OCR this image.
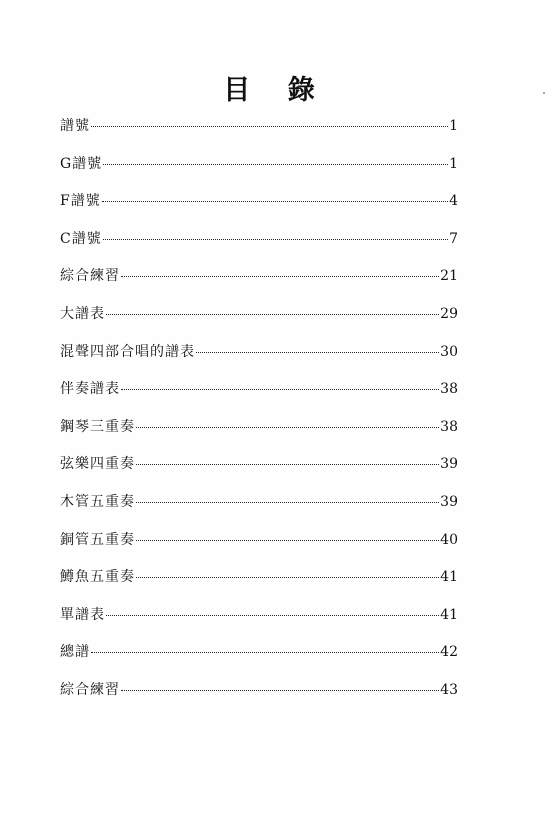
目 錄
譜號	1
G譜號	1
F譜號	4
C譜號	7
綜合練習	21
大譜表	29
混聲四部合唱的譜表	30
伴奏譜表	38
鋼琴三重奏	38
弦樂四重奏	39
木管五重奏	39
銅管五重奏	40
鱒魚五重奏	41
單譜表	41
總譜	42
綜合練習	43
